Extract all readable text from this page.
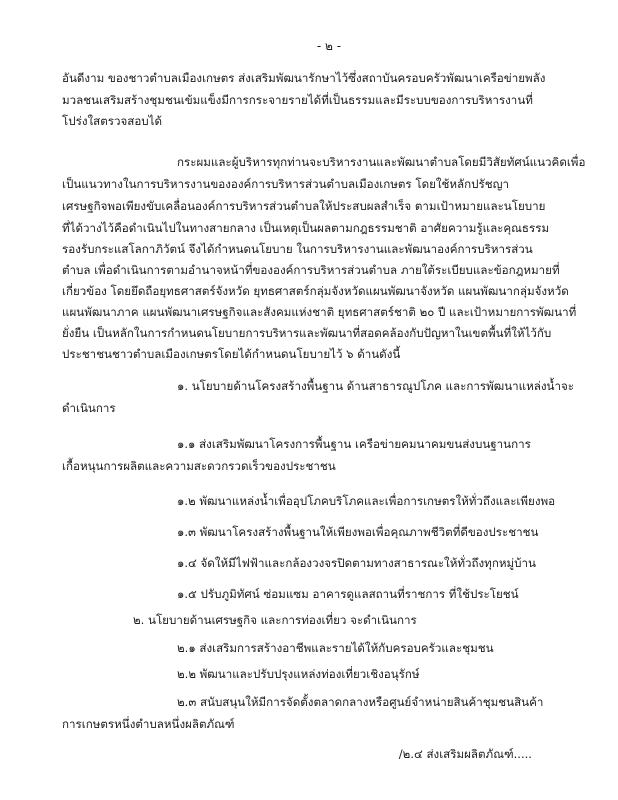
- ๒ -
อันดีงาม ของชาวตำบลเมืองเกษตร ส่งเสริมพัฒนารักษาไว้ซึ่งสถาบันครอบครัวพัฒนาเครือข่ายพลัง
มวลชนเสริมสร้างชุมชนเข้มแข็งมีการกระจายรายได้ที่เป็นธรรมและมีระบบของการบริหารงานที่
โปร่งใสตรวจสอบได้
กระผมและผู้บริหารทุกท่านจะบริหารงานและพัฒนาตำบลโดยมีวิสัยทัศน์แนวคิดเพื่อ
เป็นแนวทางในการบริหารงานขององค์การบริหารส่วนตำบลเมืองเกษตร โดยใช้หลักปรัชญา
เศรษฐกิจพอเพียงขับเคลื่อนองค์การบริหารส่วนตำบลให้ประสบผลสำเร็จ ตามเป้าหมายและนโยบาย
ที่ได้วางไว้คือดำเนินไปในทางสายกลาง เป็นเหตุเป็นผลตามกฎธรรมชาติ อาศัยความรู้และคุณธรรม
รองรับกระแสโลกาภิวัตน์ จึงได้กำหนดนโยบาย ในการบริหารงานและพัฒนาองค์การบริหารส่วน
ตำบล เพื่อดำเนินการตามอำนาจหน้าที่ขององค์การบริหารส่วนตำบล ภายใต้ระเบียบและข้อกฎหมายที่
เกี่ยวข้อง โดยยึดถือยุทธศาสตร์จังหวัด ยุทธศาสตร์กลุ่มจังหวัดแผนพัฒนาจังหวัด แผนพัฒนากลุ่มจังหวัด
แผนพัฒนาภาค แผนพัฒนาเศรษฐกิจและสังคมแห่งชาติ ยุทธศาสตร์ชาติ ๒๐ ปี และเป้าหมายการพัฒนาที่
ยั่งยืน เป็นหลักในการกำหนดนโยบายการบริหารและพัฒนาที่สอดคล้องกับปัญหาในเขตพื้นที่ให้ไว้กับ
ประชาชนชาวตำบลเมืองเกษตรโดยได้กำหนดนโยบายไว้ ๖ ด้านดังนี้
๑. นโยบายด้านโครงสร้างพื้นฐาน ด้านสาธารณูปโภค และการพัฒนาแหล่งน้ำจะ
ดำเนินการ
๑.๑ ส่งเสริมพัฒนาโครงการพื้นฐาน เครือข่ายคมนาคมขนส่งบนฐานการ
เกื้อหนุนการผลิตและความสะดวกรวดเร็วของประชาชน
๑.๒ พัฒนาแหล่งน้ำเพื่ออุปโภคบริโภคและเพื่อการเกษตรให้ทั่วถึงและเพียงพอ
๑.๓ พัฒนาโครงสร้างพื้นฐานให้เพียงพอเพื่อคุณภาพชีวิตที่ดีของประชาชน
๑.๔ จัดให้มีไฟฟ้าและกล้องวงจรปิดตามทางสาธารณะให้ทั่วถึงทุกหมู่บ้าน
๑.๕ ปรับภูมิทัศน์ ซ่อมแซม อาคารดูแลสถานที่ราชการ ที่ใช้ประโยชน์
๒. นโยบายด้านเศรษฐกิจ และการท่องเที่ยว จะดำเนินการ
๒.๑ ส่งเสริมการสร้างอาชีพและรายได้ให้กับครอบครัวและชุมชน
/๒.๔ ส่งเสริมผลิตภัณฑ์.....
๒.๒ พัฒนาและปรับปรุงแหล่งท่องเที่ยวเชิงอนุรักษ์
๒.๓ สนับสนุนให้มีการจัดตั้งตลาดกลางหรือศูนย์จำหน่ายสินค้าชุมชนสินค้า
การเกษตรหนึ่งตำบลหนึ่งผลิตภัณฑ์
